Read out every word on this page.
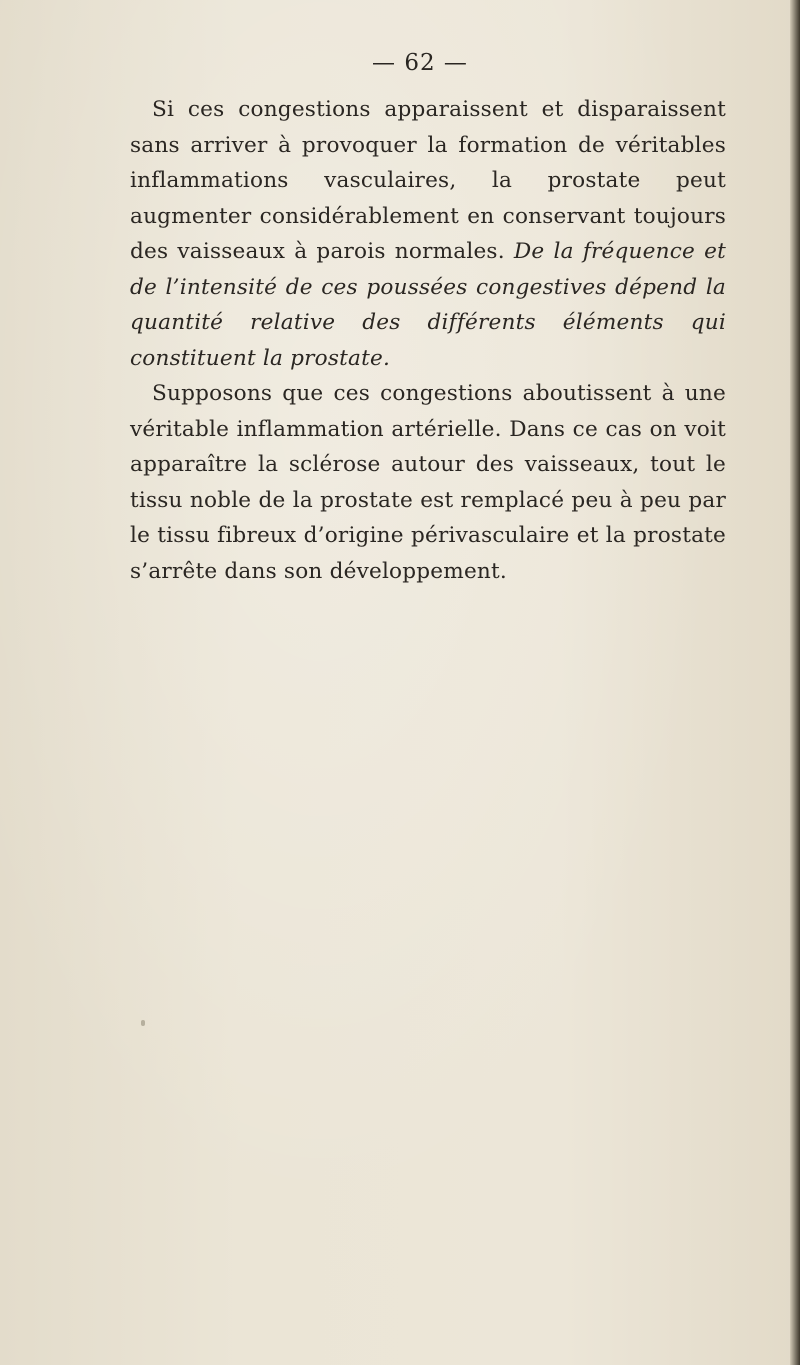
— 62 —

Si ces congestions apparaissent et disparaissent sans arriver à provoquer la formation de véritables inflammations vasculaires, la prostate peut augmenter considérablement en conservant toujours des vaisseaux à parois normales. De la fréquence et de l’intensité de ces poussées congestives dépend la quantité relative des différents éléments qui constituent la prostate.

Supposons que ces congestions aboutissent à une véritable inflammation artérielle. Dans ce cas on voit apparaître la sclérose autour des vaisseaux, tout le tissu noble de la prostate est remplacé peu à peu par le tissu fibreux d’origine périvasculaire et la prostate s’arrête dans son développement.
